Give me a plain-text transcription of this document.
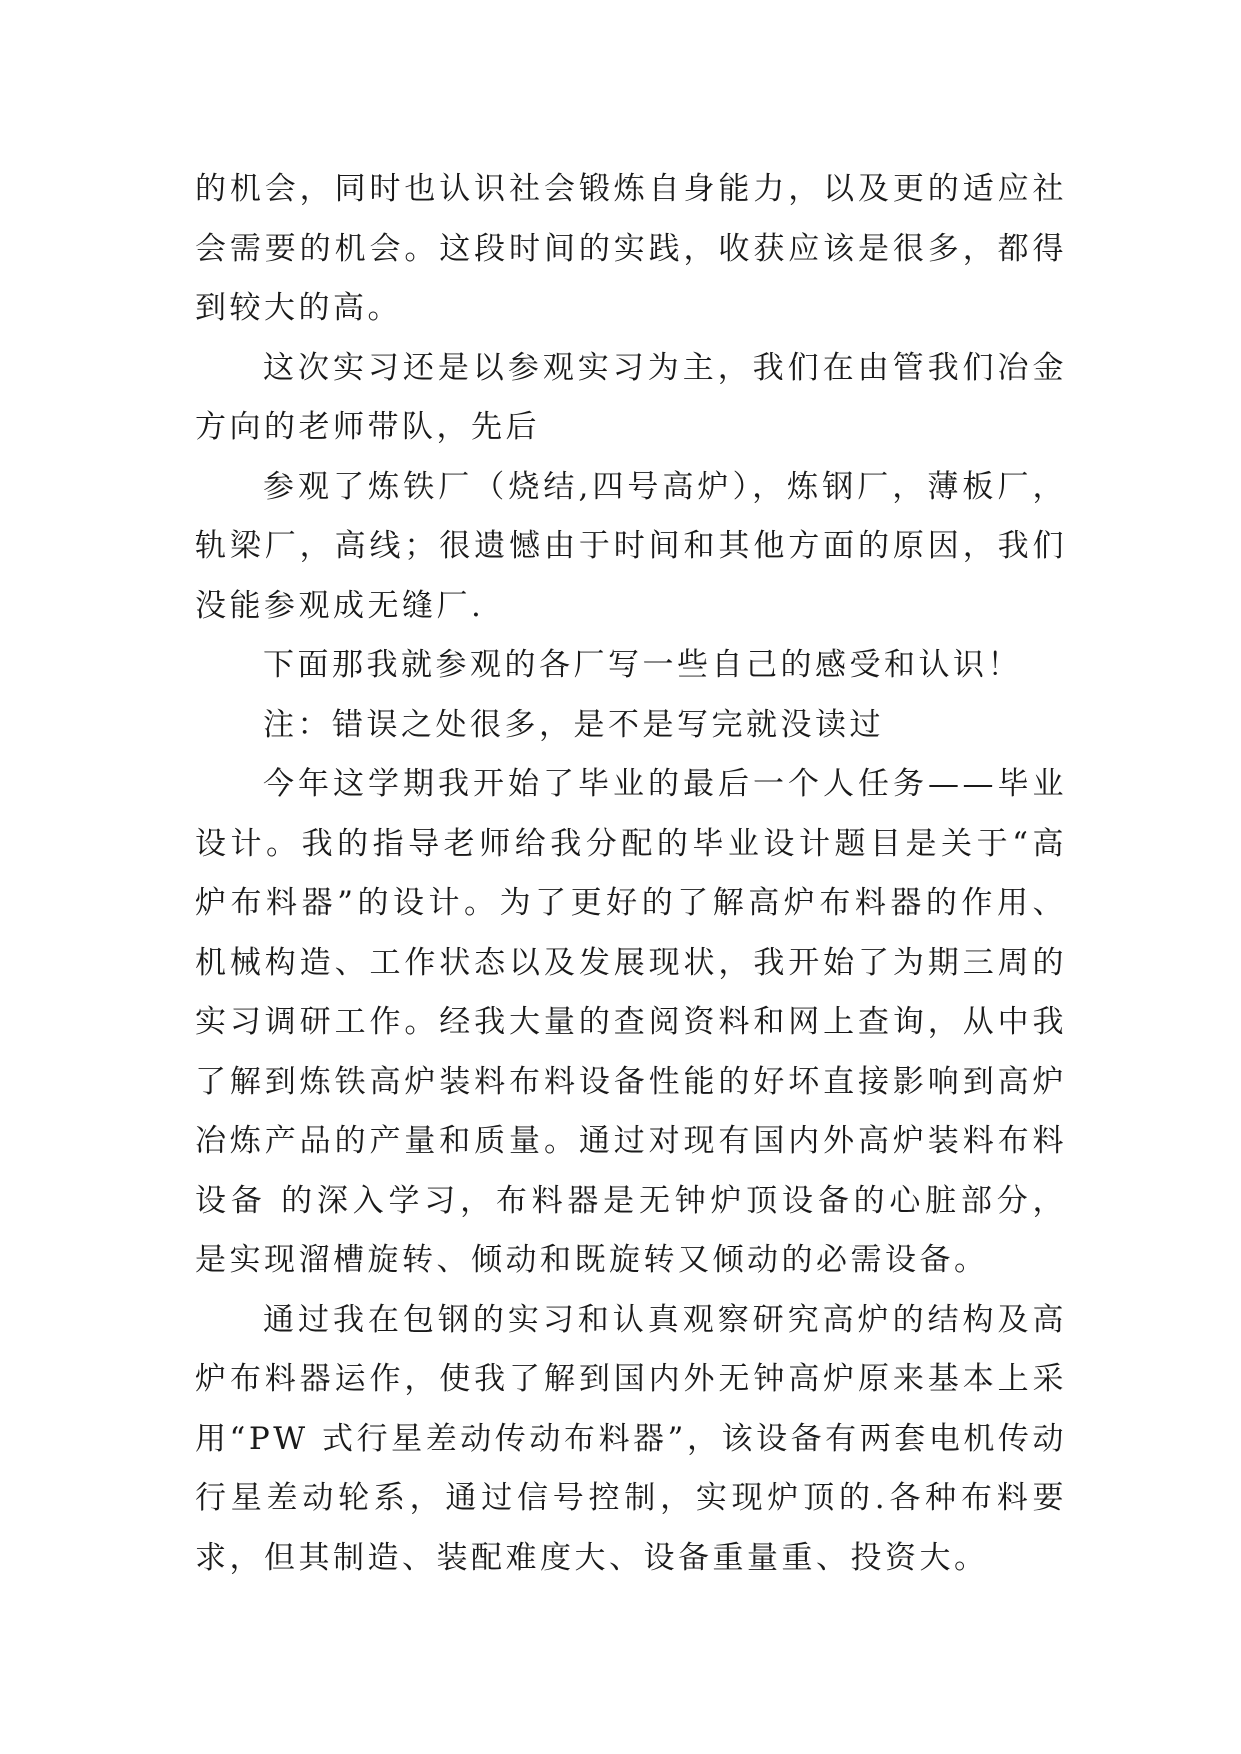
的机会，同时也认识社会锻炼自身能力，以及更的适应社会需要的机会。这段时间的实践，收获应该是很多，都得到较大的高。

这次实习还是以参观实习为主，我们在由管我们冶金方向的老师带队，先后

参观了炼铁厂（烧结,四号高炉），炼钢厂，薄板厂，轨梁厂，高线；很遗憾由于时间和其他方面的原因，我们没能参观成无缝厂.

下面那我就参观的各厂写一些自己的感受和认识！

注：错误之处很多，是不是写完就没读过

今年这学期我开始了毕业的最后一个人任务——毕业设计。我的指导老师给我分配的毕业设计题目是关于“高炉布料器”的设计。为了更好的了解高炉布料器的作用、机械构造、工作状态以及发展现状，我开始了为期三周的实习调研工作。经我大量的查阅资料和网上查询，从中我了解到炼铁高炉装料布料设备性能的好坏直接影响到高炉冶炼产品的产量和质量。通过对现有国内外高炉装料布料设备 的深入学习，布料器是无钟炉顶设备的心脏部分，是实现溜槽旋转、倾动和既旋转又倾动的必需设备。

通过我在包钢的实习和认真观察研究高炉的结构及高炉布料器运作，使我了解到国内外无钟高炉原来基本上采用“PW 式行星差动传动布料器”，该设备有两套电机传动行星差动轮系，通过信号控制，实现炉顶的.各种布料要求，但其制造、装配难度大、设备重量重、投资大。
